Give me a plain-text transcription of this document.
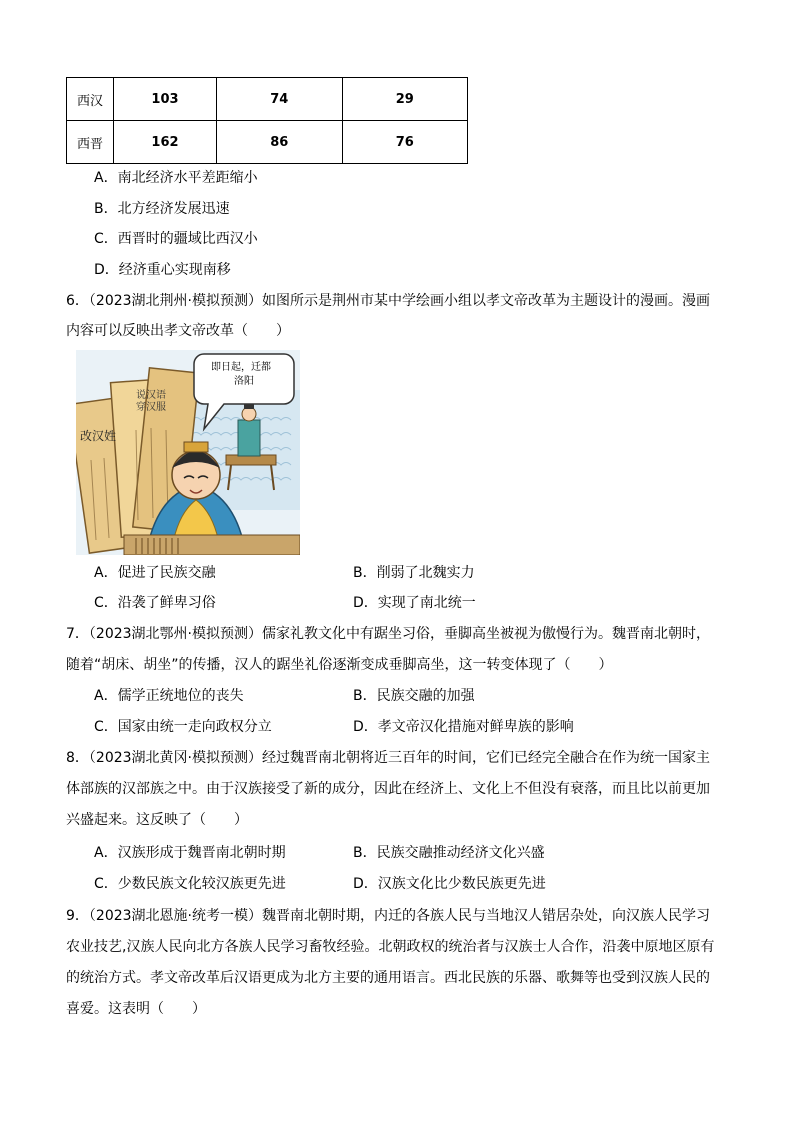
西汉	103	74	29
西晋	162	86	76
A．南北经济水平差距缩小
B．北方经济发展迅速
C．西晋时的疆域比西汉小
D．经济重心实现南移
6．（2023湖北荆州·模拟预测）如图所示是荆州市某中学绘画小组以孝文帝改革为主题设计的漫画。漫画
内容可以反映出孝文帝改革（　　）
说汉语
穿汉服
改汉姓
即日起，迁都
洛阳
A．促进了民族交融	B．削弱了北魏实力
C．沿袭了鲜卑习俗	D．实现了南北统一
7．（2023湖北鄂州·模拟预测）儒家礼教文化中有踞坐习俗，垂脚高坐被视为傲慢行为。魏晋南北朝时，
随着“胡床、胡坐”的传播，汉人的踞坐礼俗逐渐变成垂脚高坐，这一转变体现了（　　）
A．儒学正统地位的丧失	B．民族交融的加强
C．国家由统一走向政权分立	D．孝文帝汉化措施对鲜卑族的影响
8．（2023湖北黄冈·模拟预测）经过魏晋南北朝将近三百年的时间，它们已经完全融合在作为统一国家主
体部族的汉部族之中。由于汉族接受了新的成分，因此在经济上、文化上不但没有衰落，而且比以前更加
兴盛起来。这反映了（　　）
A．汉族形成于魏晋南北朝时期	B．民族交融推动经济文化兴盛
C．少数民族文化较汉族更先进	D．汉族文化比少数民族更先进
9．（2023湖北恩施·统考一模）魏晋南北朝时期，内迁的各族人民与当地汉人错居杂处，向汉族人民学习
农业技艺,汉族人民向北方各族人民学习畜牧经验。北朝政权的统治者与汉族士人合作，沿袭中原地区原有
的统治方式。孝文帝改革后汉语更成为北方主要的通用语言。西北民族的乐器、歌舞等也受到汉族人民的
喜爱。这表明（　　）
